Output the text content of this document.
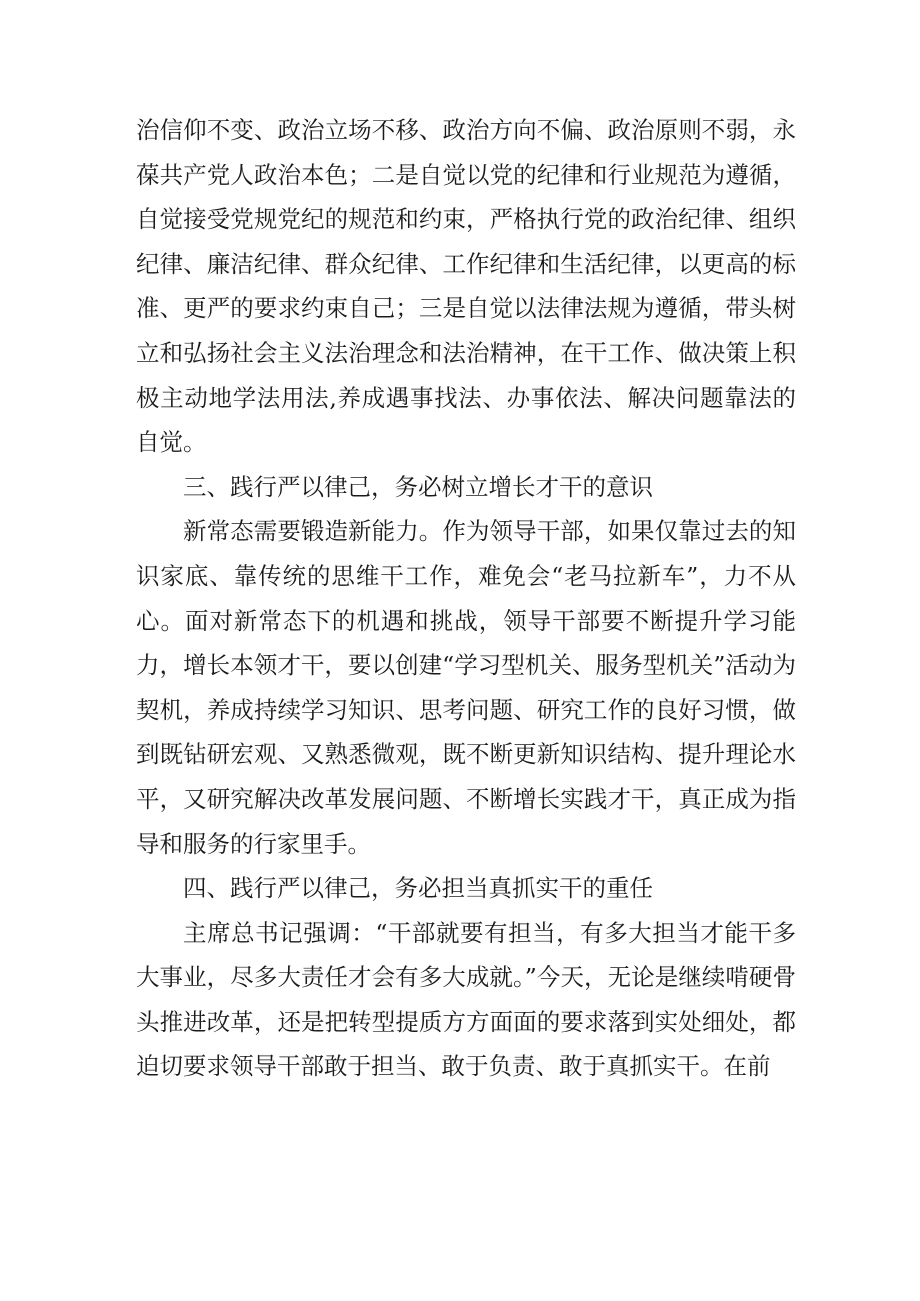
治信仰不变、政治立场不移、政治方向不偏、政治原则不弱，永葆共产党人政治本色；二是自觉以党的纪律和行业规范为遵循，自觉接受党规党纪的规范和约束，严格执行党的政治纪律、组织纪律、廉洁纪律、群众纪律、工作纪律和生活纪律，以更高的标准、更严的要求约束自己；三是自觉以法律法规为遵循，带头树立和弘扬社会主义法治理念和法治精神，在干工作、做决策上积极主动地学法用法,养成遇事找法、办事依法、解决问题靠法的自觉。

三、践行严以律己，务必树立增长才干的意识

新常态需要锻造新能力。作为领导干部，如果仅靠过去的知识家底、靠传统的思维干工作，难免会“老马拉新车”，力不从心。面对新常态下的机遇和挑战，领导干部要不断提升学习能力，增长本领才干，要以创建“学习型机关、服务型机关”活动为契机，养成持续学习知识、思考问题、研究工作的良好习惯，做到既钻研宏观、又熟悉微观，既不断更新知识结构、提升理论水平，又研究解决改革发展问题、不断增长实践才干，真正成为指导和服务的行家里手。

四、践行严以律己，务必担当真抓实干的重任

主席总书记强调：“干部就要有担当，有多大担当才能干多大事业，尽多大责任才会有多大成就。”今天，无论是继续啃硬骨头推进改革，还是把转型提质方方面面的要求落到实处细处，都迫切要求领导干部敢于担当、敢于负责、敢于真抓实干。在前
